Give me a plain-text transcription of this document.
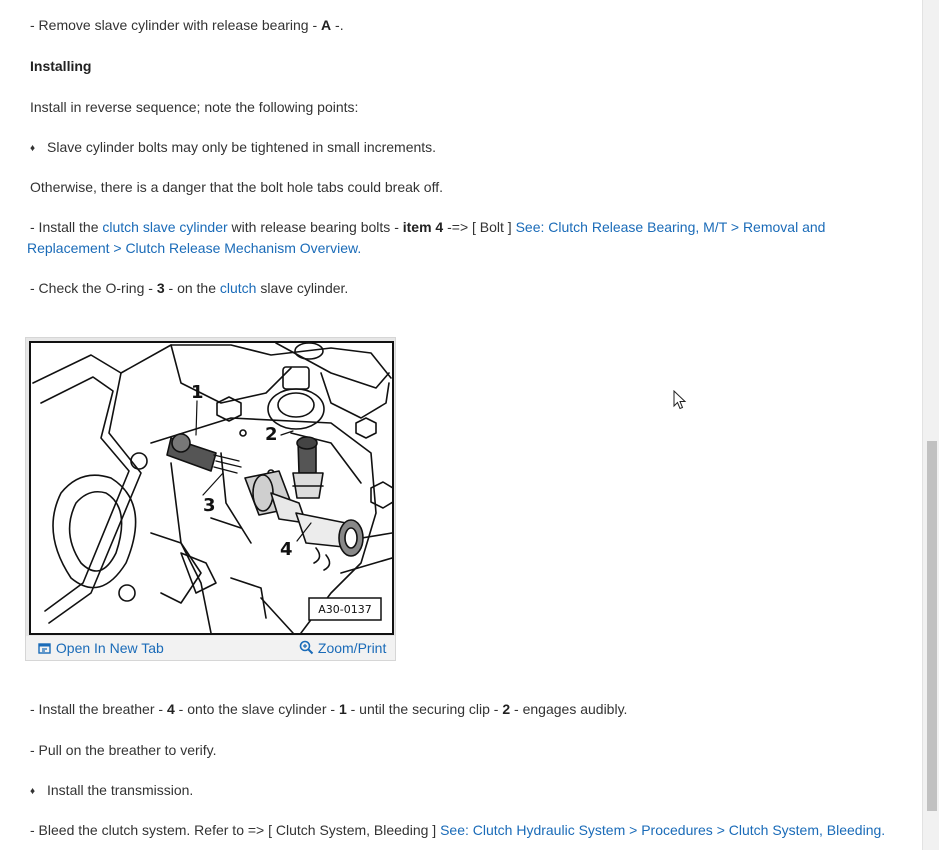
- Remove slave cylinder with release bearing - A -.
Installing
Install in reverse sequence; note the following points:
♦ Slave cylinder bolts may only be tightened in small increments.
Otherwise, there is a danger that the bolt hole tabs could break off.
- Install the clutch slave cylinder with release bearing bolts - item 4 -=> [ Bolt ] See: Clutch Release Bearing, M/T > Removal and Replacement > Clutch Release Mechanism Overview.
- Check the O-ring - 3 - on the clutch slave cylinder.
1
2
3
4
A30-0137
Open In New Tab	Zoom/Print
- Install the breather - 4 - onto the slave cylinder - 1 - until the securing clip - 2 - engages audibly.
- Pull on the breather to verify.
♦ Install the transmission.
- Bleed the clutch system. Refer to => [ Clutch System, Bleeding ] See: Clutch Hydraulic System > Procedures > Clutch System, Bleeding.
